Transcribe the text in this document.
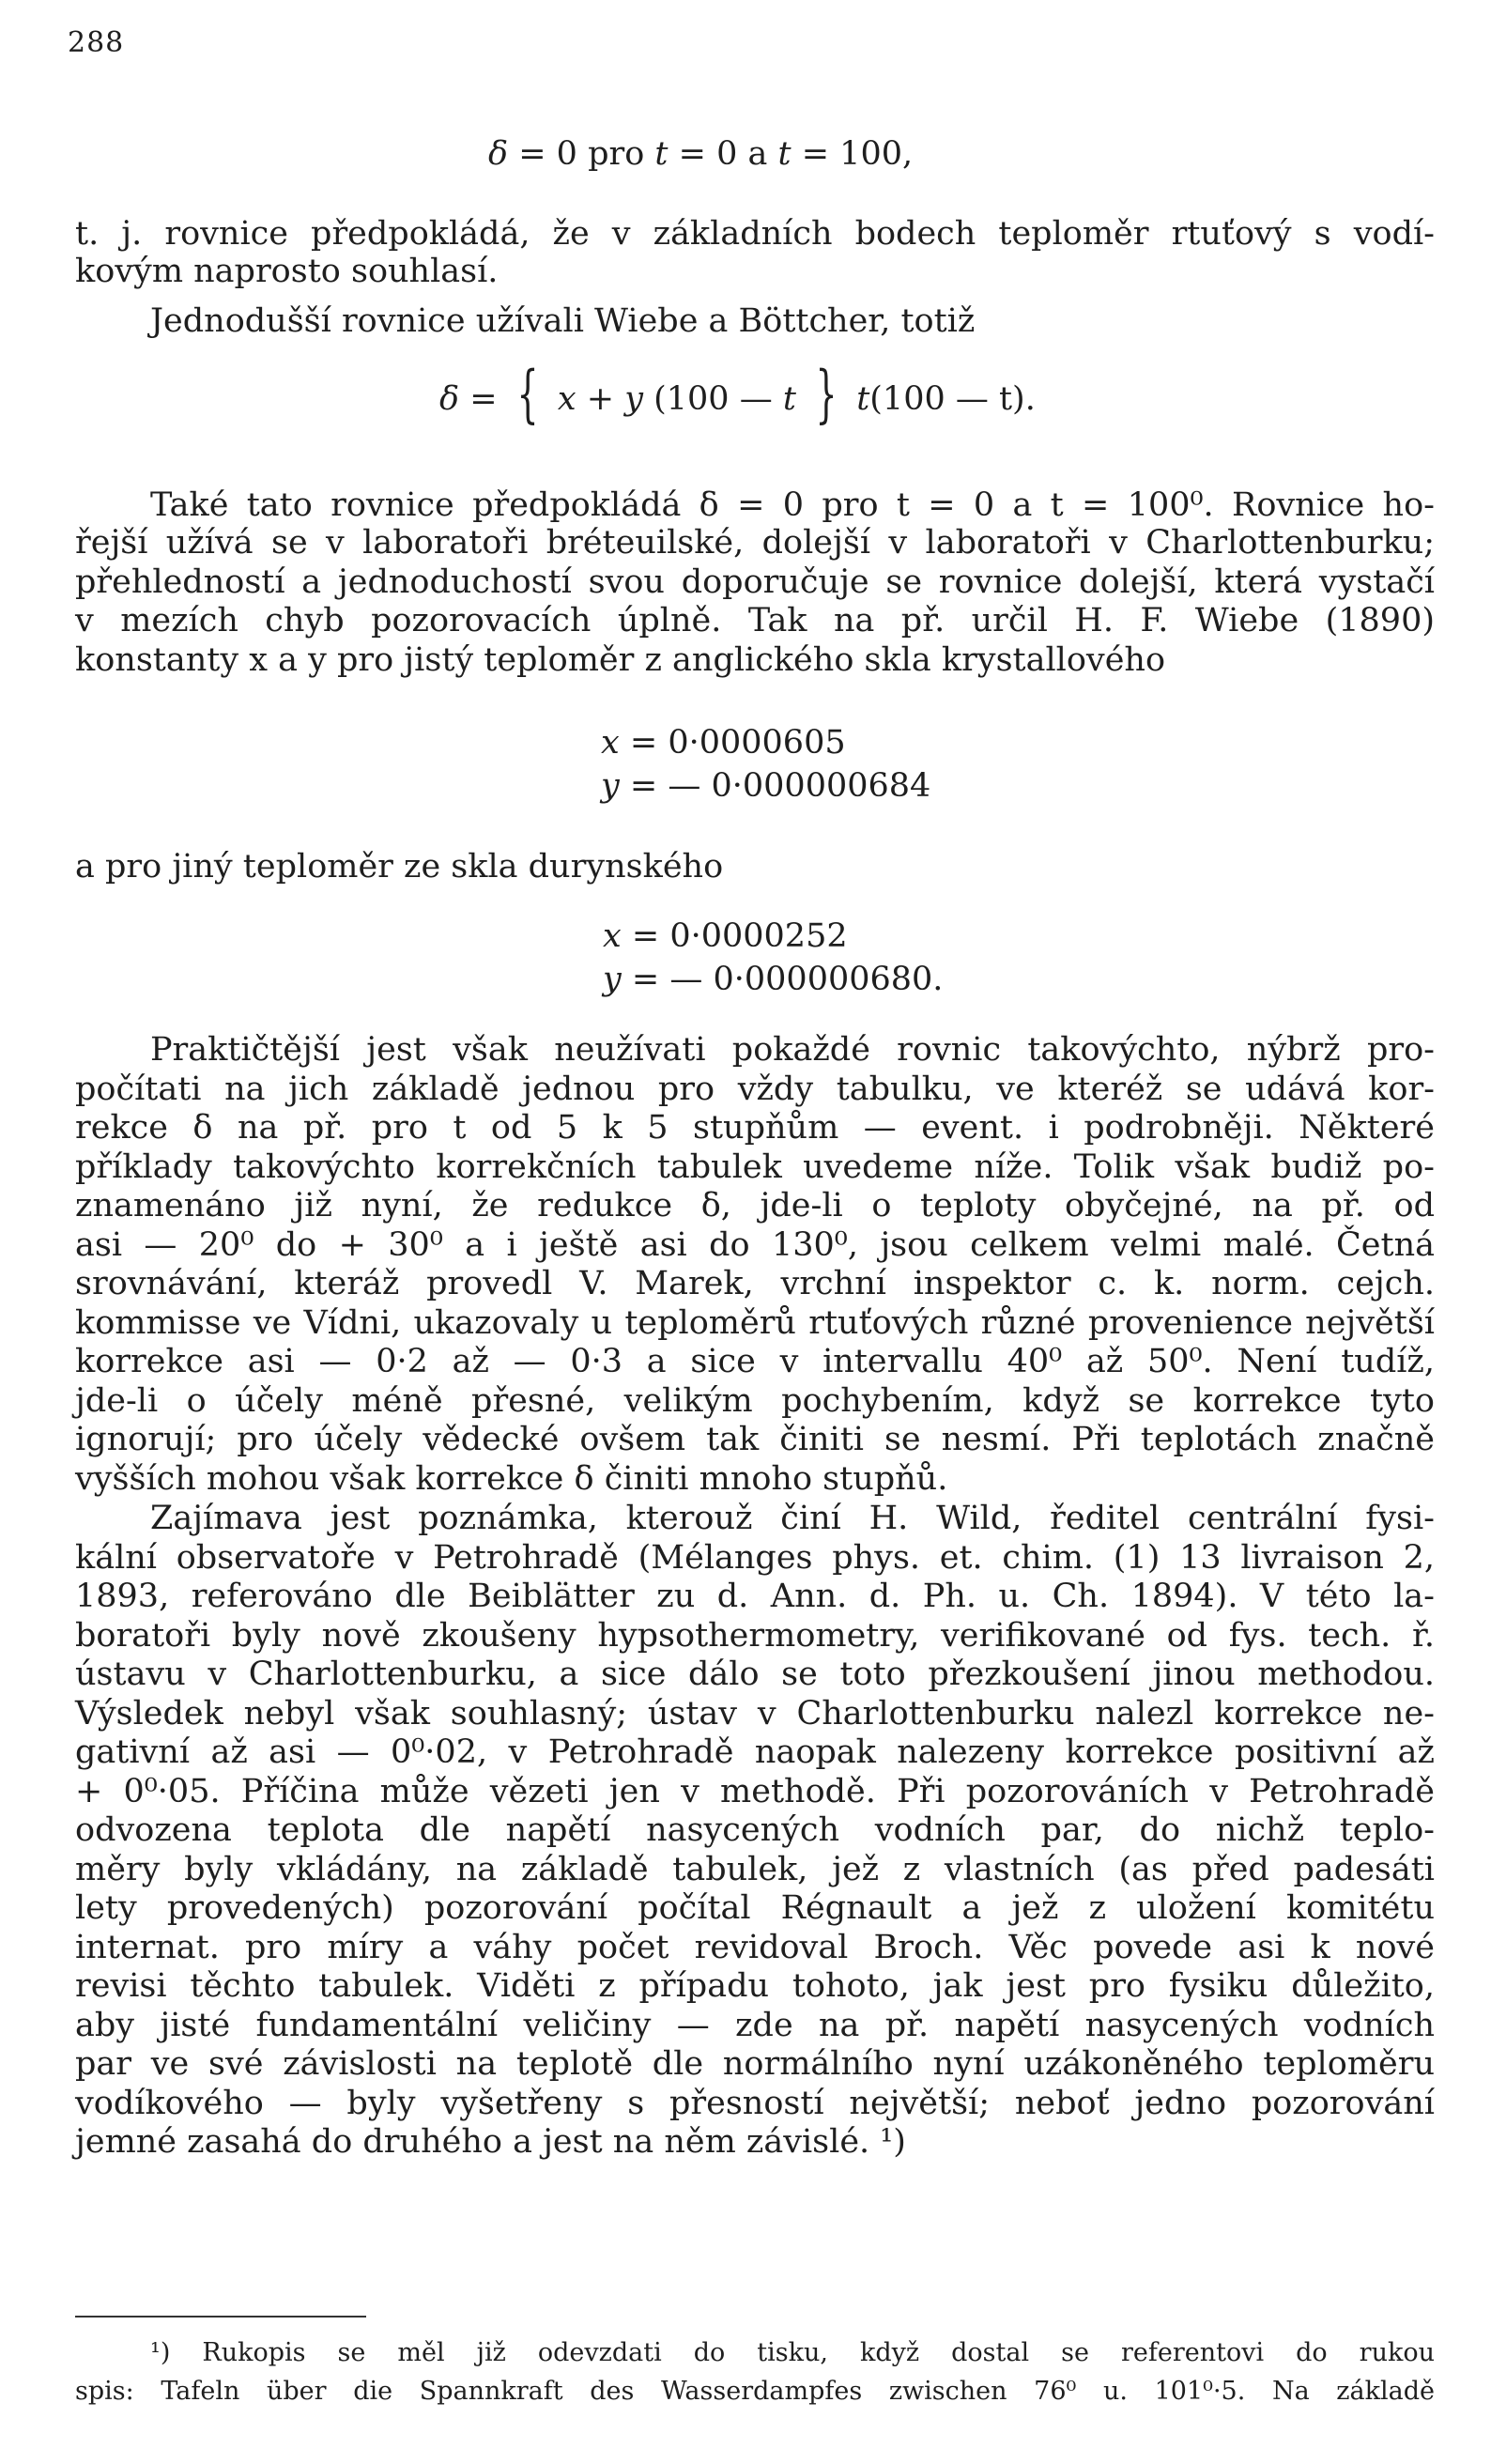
288
δ = 0 pro t = 0 a t = 100,
t. j. rovnice předpokládá, že v základních bodech teploměr rtuťový s vodí-
kovým naprosto souhlasí.
Jednodušší rovnice užívali Wiebe a Böttcher, totiž
δ = { x + y (100 — t } t(100 — t).
Také tato rovnice předpokládá δ = 0 pro t = 0 a t = 100⁰. Rovnice ho-
řejší užívá se v laboratoři bréteuilské, dolejší v laboratoři v Charlottenburku;
přehledností a jednoduchostí svou doporučuje se rovnice dolejší, která vystačí
v mezích chyb pozorovacích úplně. Tak na př. určil H. F. Wiebe (1890)
konstanty x a y pro jistý teploměr z anglického skla krystallového
x = 0·0000605
y = — 0·000000684
a pro jiný teploměr ze skla durynského
x = 0·0000252
y = — 0·000000680.
Praktičtější jest však neužívati pokaždé rovnic takovýchto, nýbrž pro-
počítati na jich základě jednou pro vždy tabulku, ve kteréž se udává kor-
rekce δ na př. pro t od 5 k 5 stupňům — event. i podrobněji. Některé
příklady takovýchto korrekčních tabulek uvedeme níže. Tolik však budiž po-
znamenáno již nyní, že redukce δ, jde-li o teploty obyčejné, na př. od
asi — 20⁰ do + 30⁰ a i ještě asi do 130⁰, jsou celkem velmi malé. Četná
srovnávání, kteráž provedl V. Marek, vrchní inspektor c. k. norm. cejch.
kommisse ve Vídni, ukazovaly u teploměrů rtuťových různé provenience největší
korrekce asi — 0·2 až — 0·3 a sice v intervallu 40⁰ až 50⁰. Není tudíž,
jde-li o účely méně přesné, velikým pochybením, když se korrekce tyto
ignorují; pro účely vědecké ovšem tak činiti se nesmí. Při teplotách značně
vyšších mohou však korrekce δ činiti mnoho stupňů.
Zajímava jest poznámka, kterouž činí H. Wild, ředitel centrální fysi-
kální observatoře v Petrohradě (Mélanges phys. et. chim. (1) 13 livraison 2,
1893, referováno dle Beiblätter zu d. Ann. d. Ph. u. Ch. 1894). V této la-
boratoři byly nově zkoušeny hypsothermometry, verifikované od fys. tech. ř.
ústavu v Charlottenburku, a sice dálo se toto přezkoušení jinou methodou.
Výsledek nebyl však souhlasný; ústav v Charlottenburku nalezl korrekce ne-
gativní až asi — 0⁰·02, v Petrohradě naopak nalezeny korrekce positivní až
+ 0⁰·05. Příčina může vězeti jen v methodě. Při pozorováních v Petrohradě
odvozena teplota dle napětí nasycených vodních par, do nichž teplo-
měry byly vkládány, na základě tabulek, jež z vlastních (as před padesáti
lety provedených) pozorování počítal Régnault a jež z uložení komitétu
internat. pro míry a váhy počet revidoval Broch. Věc povede asi k nové
revisi těchto tabulek. Viděti z případu tohoto, jak jest pro fysiku důležito,
aby jisté fundamentální veličiny — zde na př. napětí nasycených vodních
par ve své závislosti na teplotě dle normálního nyní uzákoněného teploměru
vodíkového — byly vyšetřeny s přesností největší; neboť jedno pozorování
jemné zasahá do druhého a jest na něm závislé. ¹)
¹) Rukopis se měl již odevzdati do tisku, když dostal se referentovi do rukou
spis: Tafeln über die Spannkraft des Wasserdampfes zwischen 76⁰ u. 101⁰·5. Na základě
